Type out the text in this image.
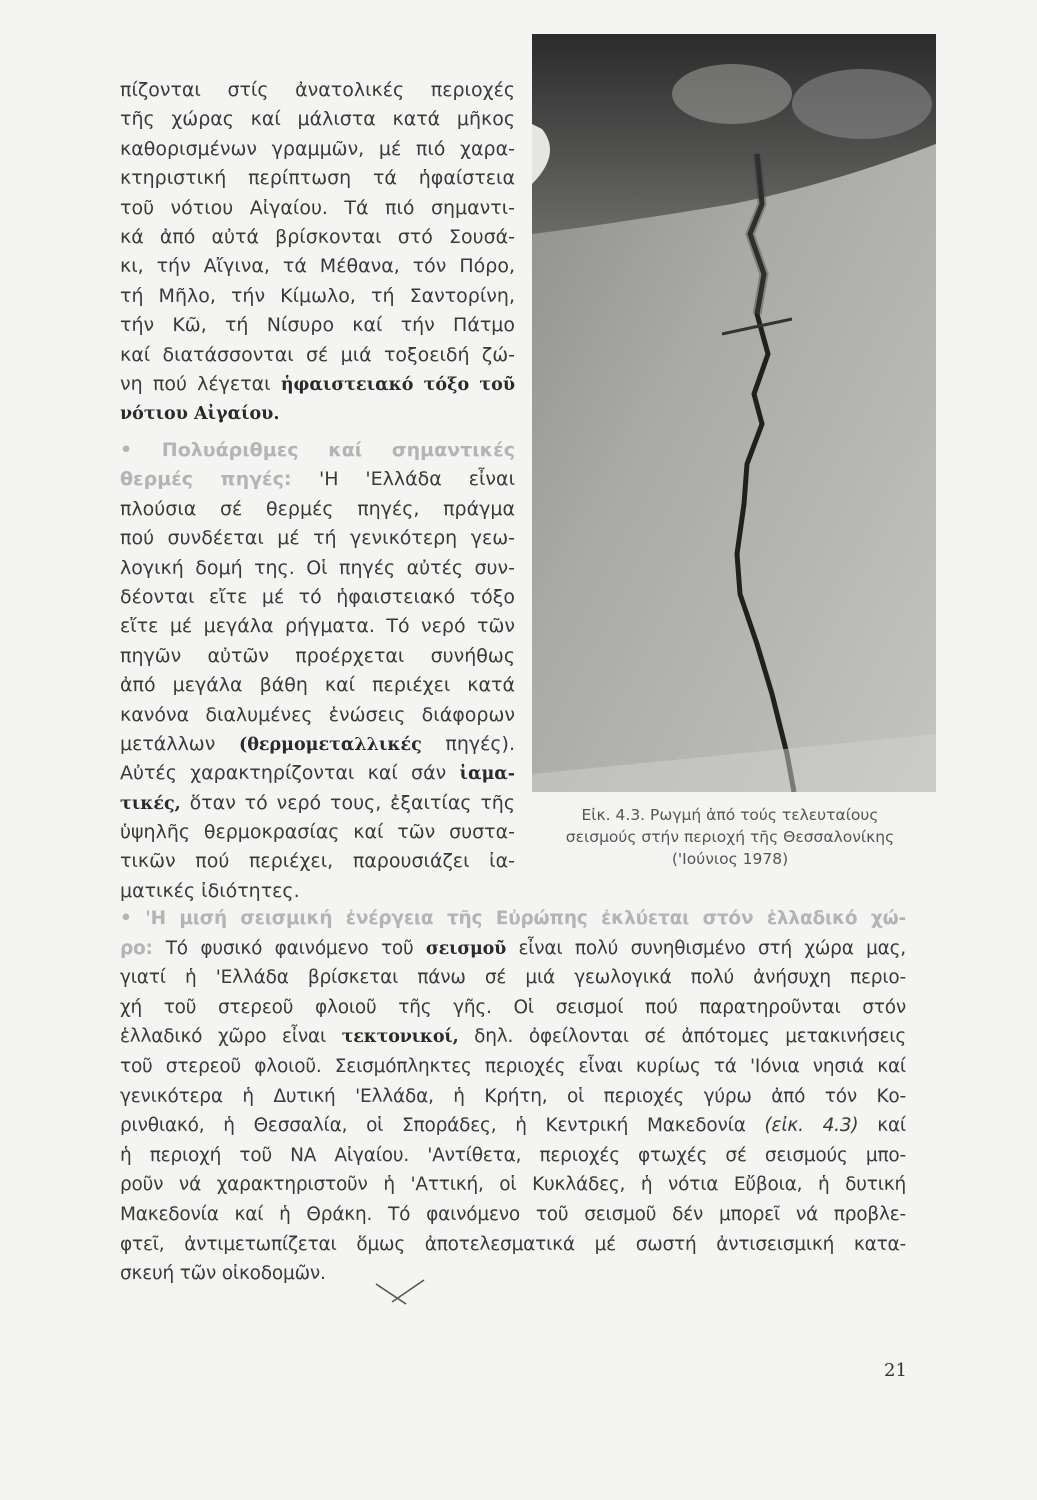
πίζονται στίς ἀνατολικές περιοχές
τῆς χώρας καί μάλιστα κατά μῆκος
καθορισμένων γραμμῶν, μέ πιό χαρα-
κτηριστική περίπτωση τά ἡφαίστεια
τοῦ νότιου Αἰγαίου. Τά πιό σημαντι-
κά ἀπό αὐτά βρίσκονται στό Σουσά-
κι, τήν Αἴγινα, τά Μέθανα, τόν Πόρο,
τή Μῆλο, τήν Κίμωλο, τή Σαντορίνη,
τήν Κῶ, τή Νίσυρο καί τήν Πάτμο
καί διατάσσονται σέ μιά τοξοειδή ζώ-
νη πού λέγεται ἡφαιστειακό τόξο τοῦ
νότιου Αἰγαίου.
• Πολυάριθμες καί σημαντικές
θερμές πηγές: 'Η 'Ελλάδα εἶναι
πλούσια σέ θερμές πηγές, πράγμα
πού συνδέεται μέ τή γενικότερη γεω-
λογική δομή της. Οἱ πηγές αὐτές συν-
δέονται εἴτε μέ τό ἡφαιστειακό τόξο
εἴτε μέ μεγάλα ρήγματα. Τό νερό τῶν
πηγῶν αὐτῶν προέρχεται συνήθως
ἀπό μεγάλα βάθη καί περιέχει κατά
κανόνα διαλυμένες ἑνώσεις διάφορων
μετάλλων (θερμομεταλλικές πηγές).
Αὐτές χαρακτηρίζονται καί σάν ἰαμα-
τικές, ὅταν τό νερό τους, ἐξαιτίας τῆς
ὑψηλῆς θερμοκρασίας καί τῶν συστα-
τικῶν πού περιέχει, παρουσιάζει ἰα-
ματικές ἰδιότητες.
Εἰκ. 4.3. Ρωγμή ἀπό τούς τελευταίους
σεισμούς στήν περιοχή τῆς Θεσσαλονίκης
('Ιούνιος 1978)
• 'Η μισή σεισμική ἐνέργεια τῆς Εὐρώπης ἐκλύεται στόν ἑλλαδικό χώ-
ρο: Τό φυσικό φαινόμενο τοῦ σεισμοῦ εἶναι πολύ συνηθισμένο στή χώρα μας,
γιατί ἡ 'Ελλάδα βρίσκεται πάνω σέ μιά γεωλογικά πολύ ἀνήσυχη περιο-
χή τοῦ στερεοῦ φλοιοῦ τῆς γῆς. Οἱ σεισμοί πού παρατηροῦνται στόν
ἑλλαδικό χῶρο εἶναι τεκτονικοί, δηλ. ὀφείλονται σέ ἀπότομες μετακινήσεις
τοῦ στερεοῦ φλοιοῦ. Σεισμόπληκτες περιοχές εἶναι κυρίως τά 'Ιόνια νησιά καί
γενικότερα ἡ Δυτική 'Ελλάδα, ἡ Κρήτη, οἱ περιοχές γύρω ἀπό τόν Κο-
ρινθιακό, ἡ Θεσσαλία, οἱ Σποράδες, ἡ Κεντρική Μακεδονία (εἰκ. 4.3) καί
ἡ περιοχή τοῦ ΝΑ Αἰγαίου. 'Αντίθετα, περιοχές φτωχές σέ σεισμούς μπο-
ροῦν νά χαρακτηριστοῦν ἡ 'Αττική, οἱ Κυκλάδες, ἡ νότια Εὔβοια, ἡ δυτική
Μακεδονία καί ἡ Θράκη. Τό φαινόμενο τοῦ σεισμοῦ δέν μπορεῖ νά προβλε-
φτεῖ, ἀντιμετωπίζεται ὅμως ἀποτελεσματικά μέ σωστή ἀντισεισμική κατα-
σκευή τῶν οἰκοδομῶν.
21
